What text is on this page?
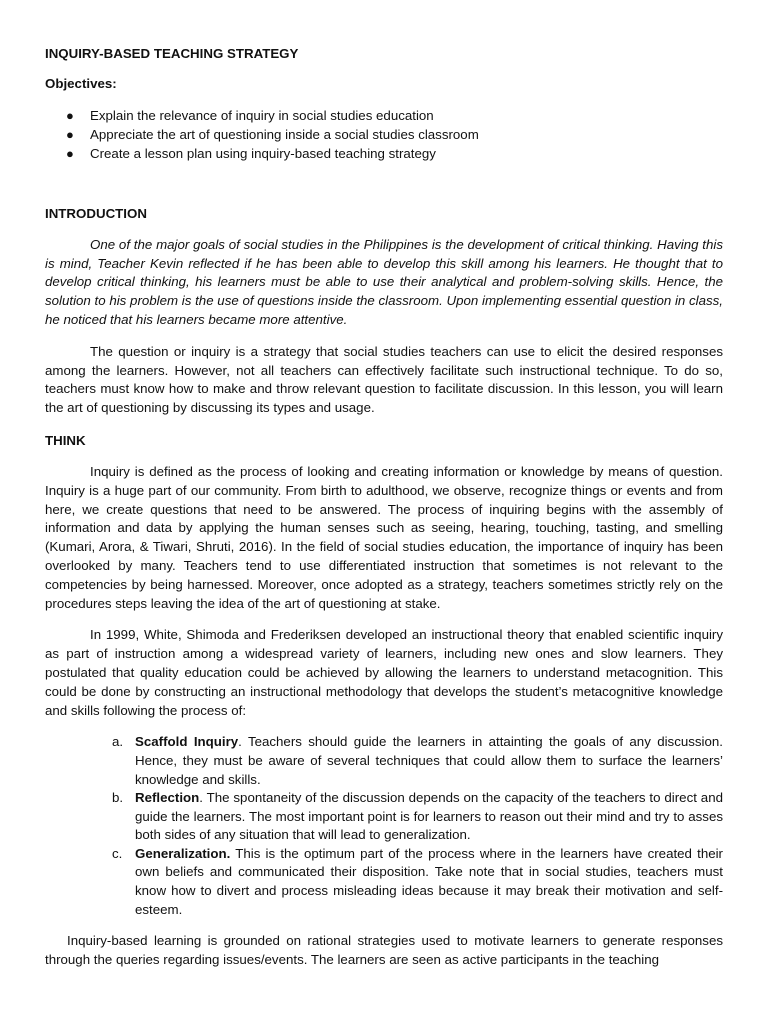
INQUIRY-BASED TEACHING STRATEGY
Objectives:
● Explain the relevance of inquiry in social studies education
● Appreciate the art of questioning inside a social studies classroom
● Create a lesson plan using inquiry-based teaching strategy
INTRODUCTION

One of the major goals of social studies in the Philippines is the development of critical thinking. Having this is mind, Teacher Kevin reflected if he has been able to develop this skill among his learners. He thought that to develop critical thinking, his learners must be able to use their analytical and problem-solving skills. Hence, the solution to his problem is the use of questions inside the classroom. Upon implementing essential question in class, he noticed that his learners became more attentive.

The question or inquiry is a strategy that social studies teachers can use to elicit the desired responses among the learners. However, not all teachers can effectively facilitate such instructional technique. To do so, teachers must know how to make and throw relevant question to facilitate discussion. In this lesson, you will learn the art of questioning by discussing its types and usage.

THINK

Inquiry is defined as the process of looking and creating information or knowledge by means of question. Inquiry is a huge part of our community. From birth to adulthood, we observe, recognize things or events and from here, we create questions that need to be answered. The process of inquiring begins with the assembly of information and data by applying the human senses such as seeing, hearing, touching, tasting, and smelling (Kumari, Arora, & Tiwari, Shruti, 2016). In the field of social studies education, the importance of inquiry has been overlooked by many. Teachers tend to use differentiated instruction that sometimes is not relevant to the competencies by being harnessed. Moreover, once adopted as a strategy, teachers sometimes strictly rely on the procedures steps leaving the idea of the art of questioning at stake.

In 1999, White, Shimoda and Frederiksen developed an instructional theory that enabled scientific inquiry as part of instruction among a widespread variety of learners, including new ones and slow learners. They postulated that quality education could be achieved by allowing the learners to understand metacognition. This could be done by constructing an instructional methodology that develops the student’s metacognitive knowledge and skills following the process of:

a. Scaffold Inquiry. Teachers should guide the learners in attainting the goals of any discussion. Hence, they must be aware of several techniques that could allow them to surface the learners’ knowledge and skills.
b. Reflection. The spontaneity of the discussion depends on the capacity of the teachers to direct and guide the learners. The most important point is for learners to reason out their mind and try to asses both sides of any situation that will lead to generalization.
c. Generalization. This is the optimum part of the process where in the learners have created their own beliefs and communicated their disposition. Take note that in social studies, teachers must know how to divert and process misleading ideas because it may break their motivation and self-esteem.

Inquiry-based learning is grounded on rational strategies used to motivate learners to generate responses through the queries regarding issues/events. The learners are seen as active participants in the teaching
